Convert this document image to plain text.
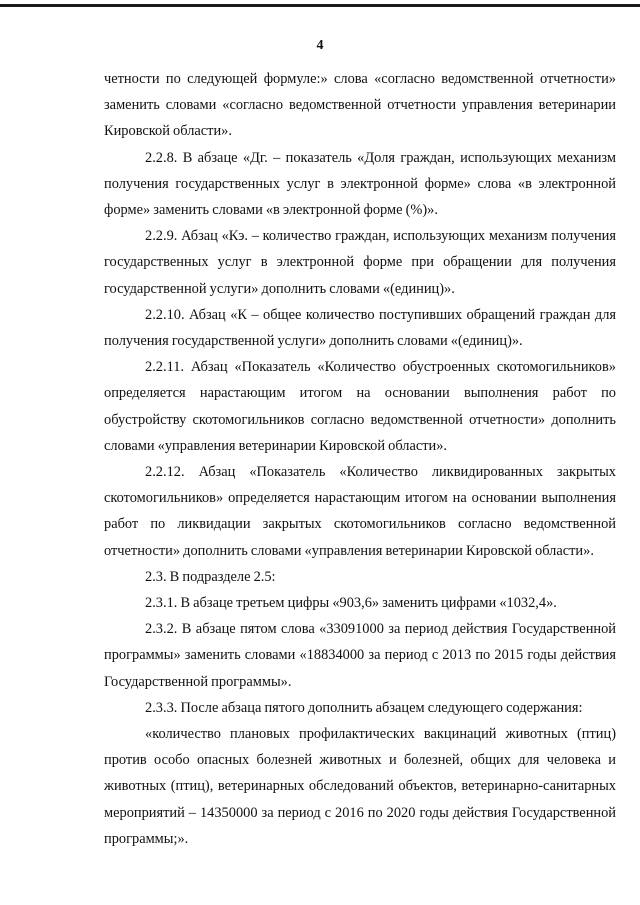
4

четности по следующей формуле:» слова «согласно ведомственной отчетности» заменить словами «согласно ведомственной отчетности управления ветеринарии Кировской области».

2.2.8. В абзаце «Дг. – показатель «Доля граждан, использующих механизм получения государственных услуг в электронной форме» слова «в электронной форме» заменить словами «в электронной форме (%)».

2.2.9. Абзац «Кэ. – количество граждан, использующих механизм получения государственных услуг в электронной форме при обращении для получения государственной услуги» дополнить словами «(единиц)».

2.2.10. Абзац «К – общее количество поступивших обращений граждан для получения государственной услуги» дополнить словами «(единиц)».

2.2.11. Абзац «Показатель «Количество обустроенных скотомогильников» определяется нарастающим итогом на основании выполнения работ по обустройству скотомогильников согласно ведомственной отчетности» дополнить словами «управления ветеринарии Кировской области».

2.2.12. Абзац «Показатель «Количество ликвидированных закрытых скотомогильников» определяется нарастающим итогом на основании выполнения работ по ликвидации закрытых скотомогильников согласно ведомственной отчетности» дополнить словами «управления ветеринарии Кировской области».

2.3. В подразделе 2.5:

2.3.1. В абзаце третьем цифры «903,6» заменить цифрами «1032,4».

2.3.2. В абзаце пятом слова «33091000 за период действия Государственной программы» заменить словами «18834000 за период с 2013 по 2015 годы действия Государственной программы».

2.3.3. После абзаца пятого дополнить абзацем следующего содержания:

«количество плановых профилактических вакцинаций животных (птиц) против особо опасных болезней животных и болезней, общих для человека и животных (птиц), ветеринарных обследований объектов, ветеринарно-санитарных мероприятий – 14350000 за период с 2016 по 2020 годы действия Государственной программы;».
